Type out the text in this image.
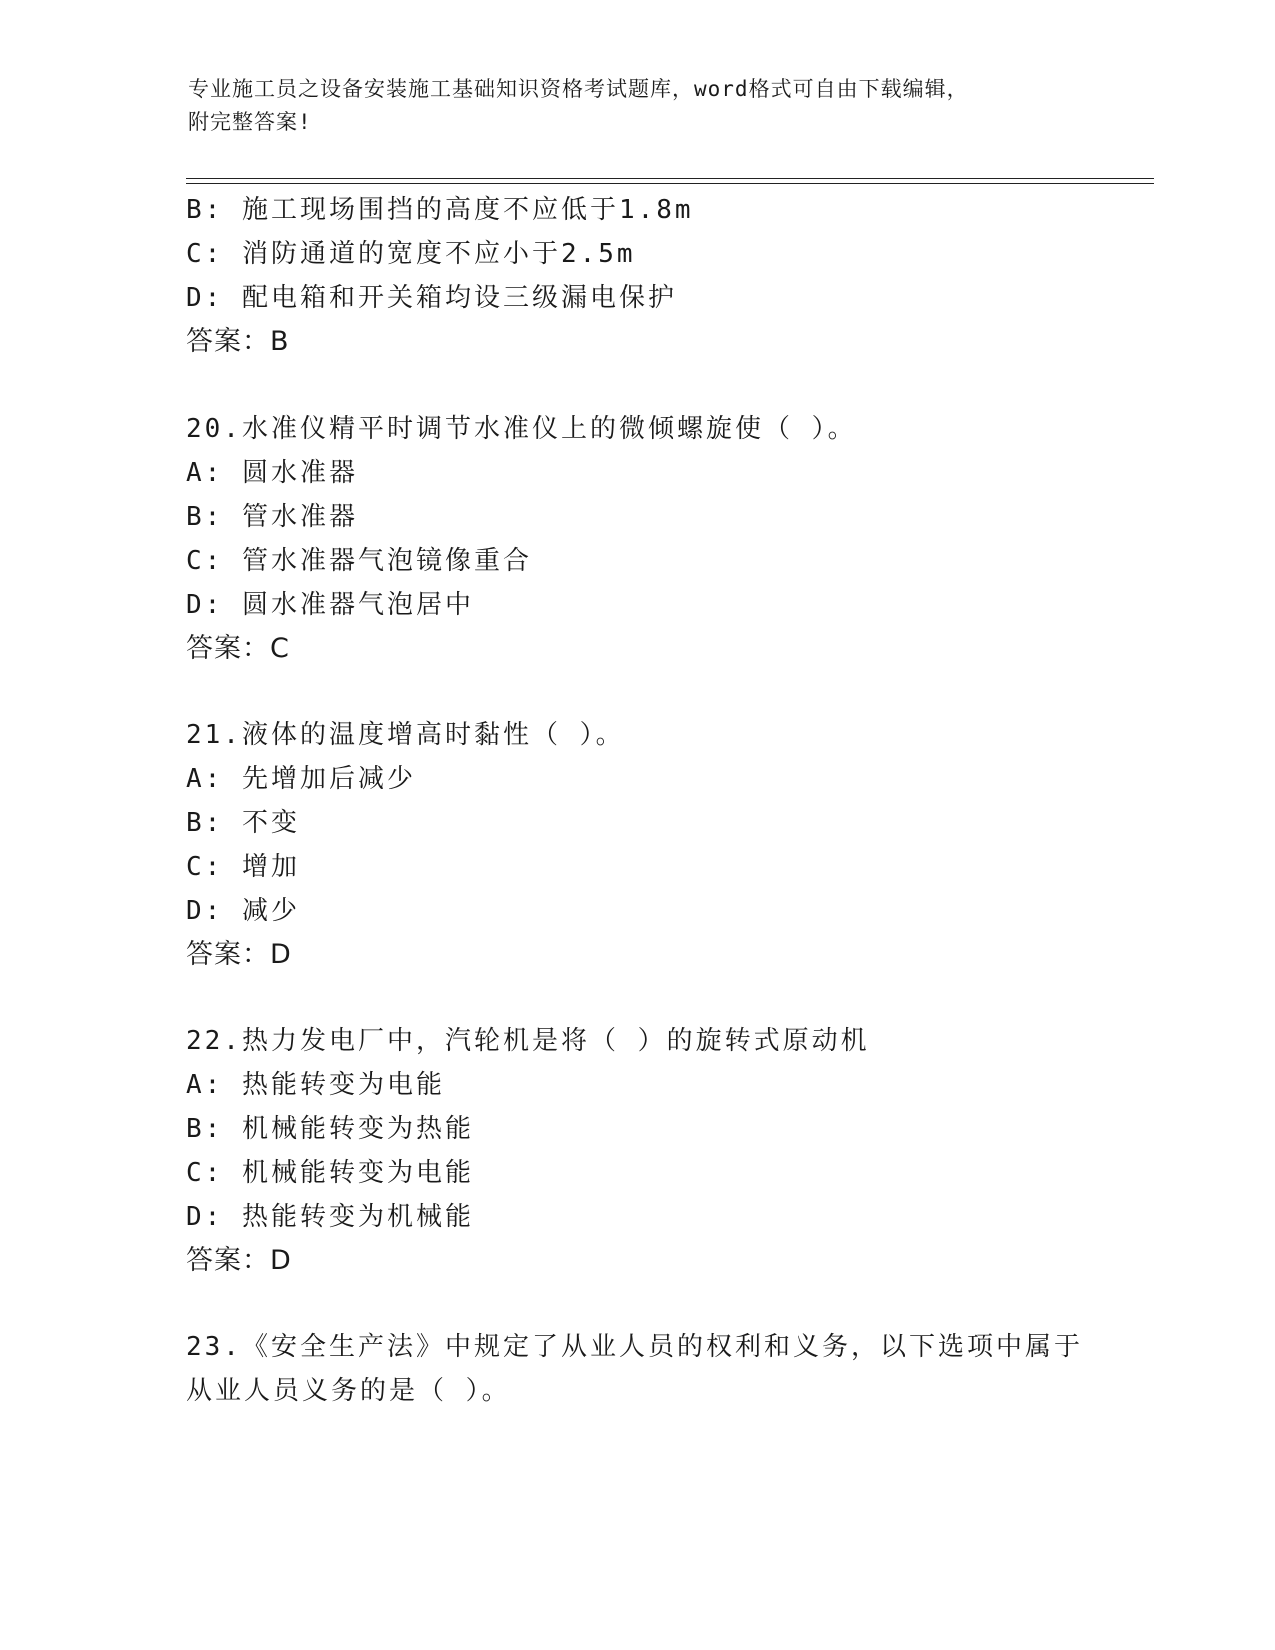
专业施工员之设备安装施工基础知识资格考试题库，word格式可自由下载编辑，
附完整答案!
B: 施工现场围挡的高度不应低于1.8m
C: 消防通道的宽度不应小于2.5m
D: 配电箱和开关箱均设三级漏电保护
答案：B
20.水准仪精平时调节水准仪上的微倾螺旋使（ ）。
A: 圆水准器
B: 管水准器
C: 管水准器气泡镜像重合
D: 圆水准器气泡居中
答案：C
21.液体的温度增高时黏性（ ）。
A: 先增加后减少
B: 不变
C: 增加
D: 减少
答案：D
22.热力发电厂中，汽轮机是将（ ）的旋转式原动机
A: 热能转变为电能
B: 机械能转变为热能
C: 机械能转变为电能
D: 热能转变为机械能
答案：D
23.《安全生产法》中规定了从业人员的权利和义务，以下选项中属于
从业人员义务的是（ ）。
